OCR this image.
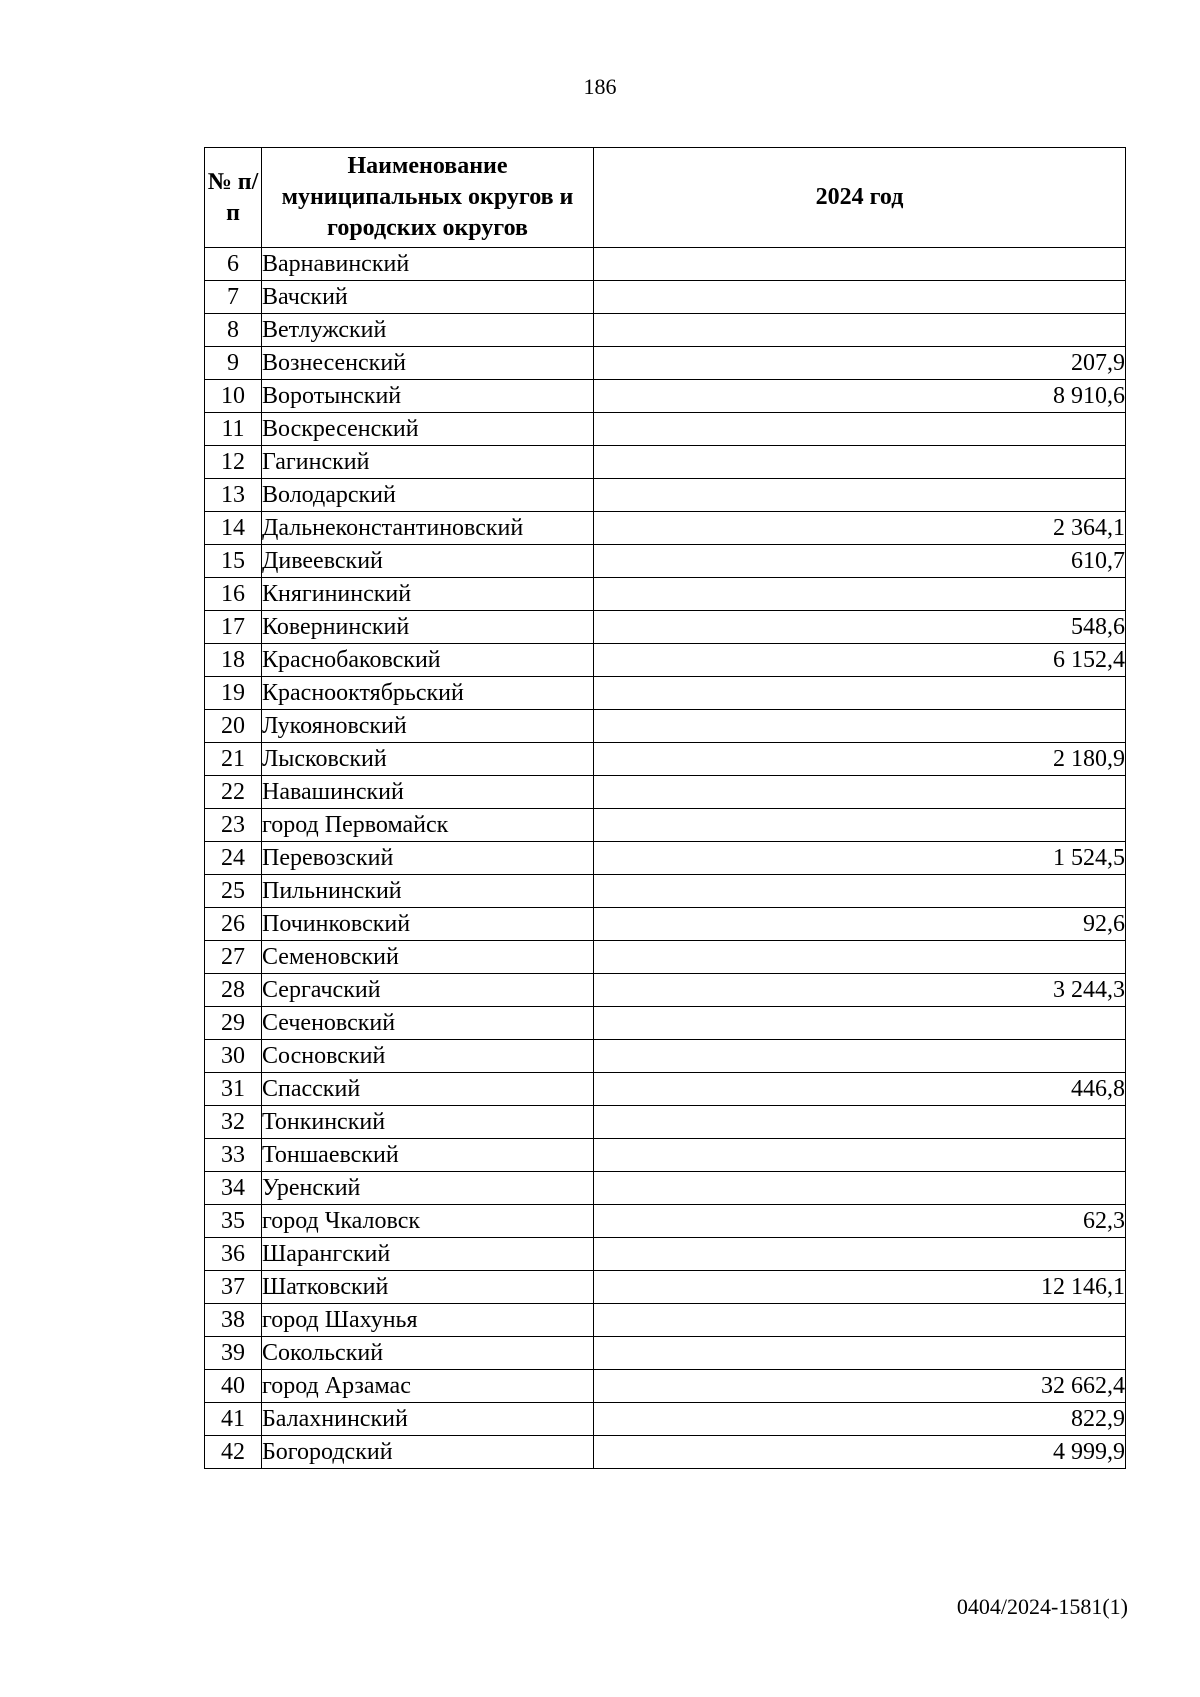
186
№ п/п	Наименование муниципальных округов и городских округов	2024 год
6	Варнавинский	
7	Вачский	
8	Ветлужский	
9	Вознесенский	207,9
10	Воротынский	8 910,6
11	Воскресенский	
12	Гагинский	
13	Володарский	
14	Дальнеконстантиновский	2 364,1
15	Дивеевский	610,7
16	Княгининский	
17	Ковернинский	548,6
18	Краснобаковский	6 152,4
19	Краснооктябрьский	
20	Лукояновский	
21	Лысковский	2 180,9
22	Навашинский	
23	город Первомайск	
24	Перевозский	1 524,5
25	Пильнинский	
26	Починковский	92,6
27	Семеновский	
28	Сергачский	3 244,3
29	Сеченовский	
30	Сосновский	
31	Спасский	446,8
32	Тонкинский	
33	Тоншаевский	
34	Уренский	
35	город Чкаловск	62,3
36	Шарангский	
37	Шатковский	12 146,1
38	город Шахунья	
39	Сокольский	
40	город Арзамас	32 662,4
41	Балахнинский	822,9
42	Богородский	4 999,9
0404/2024-1581(1)
